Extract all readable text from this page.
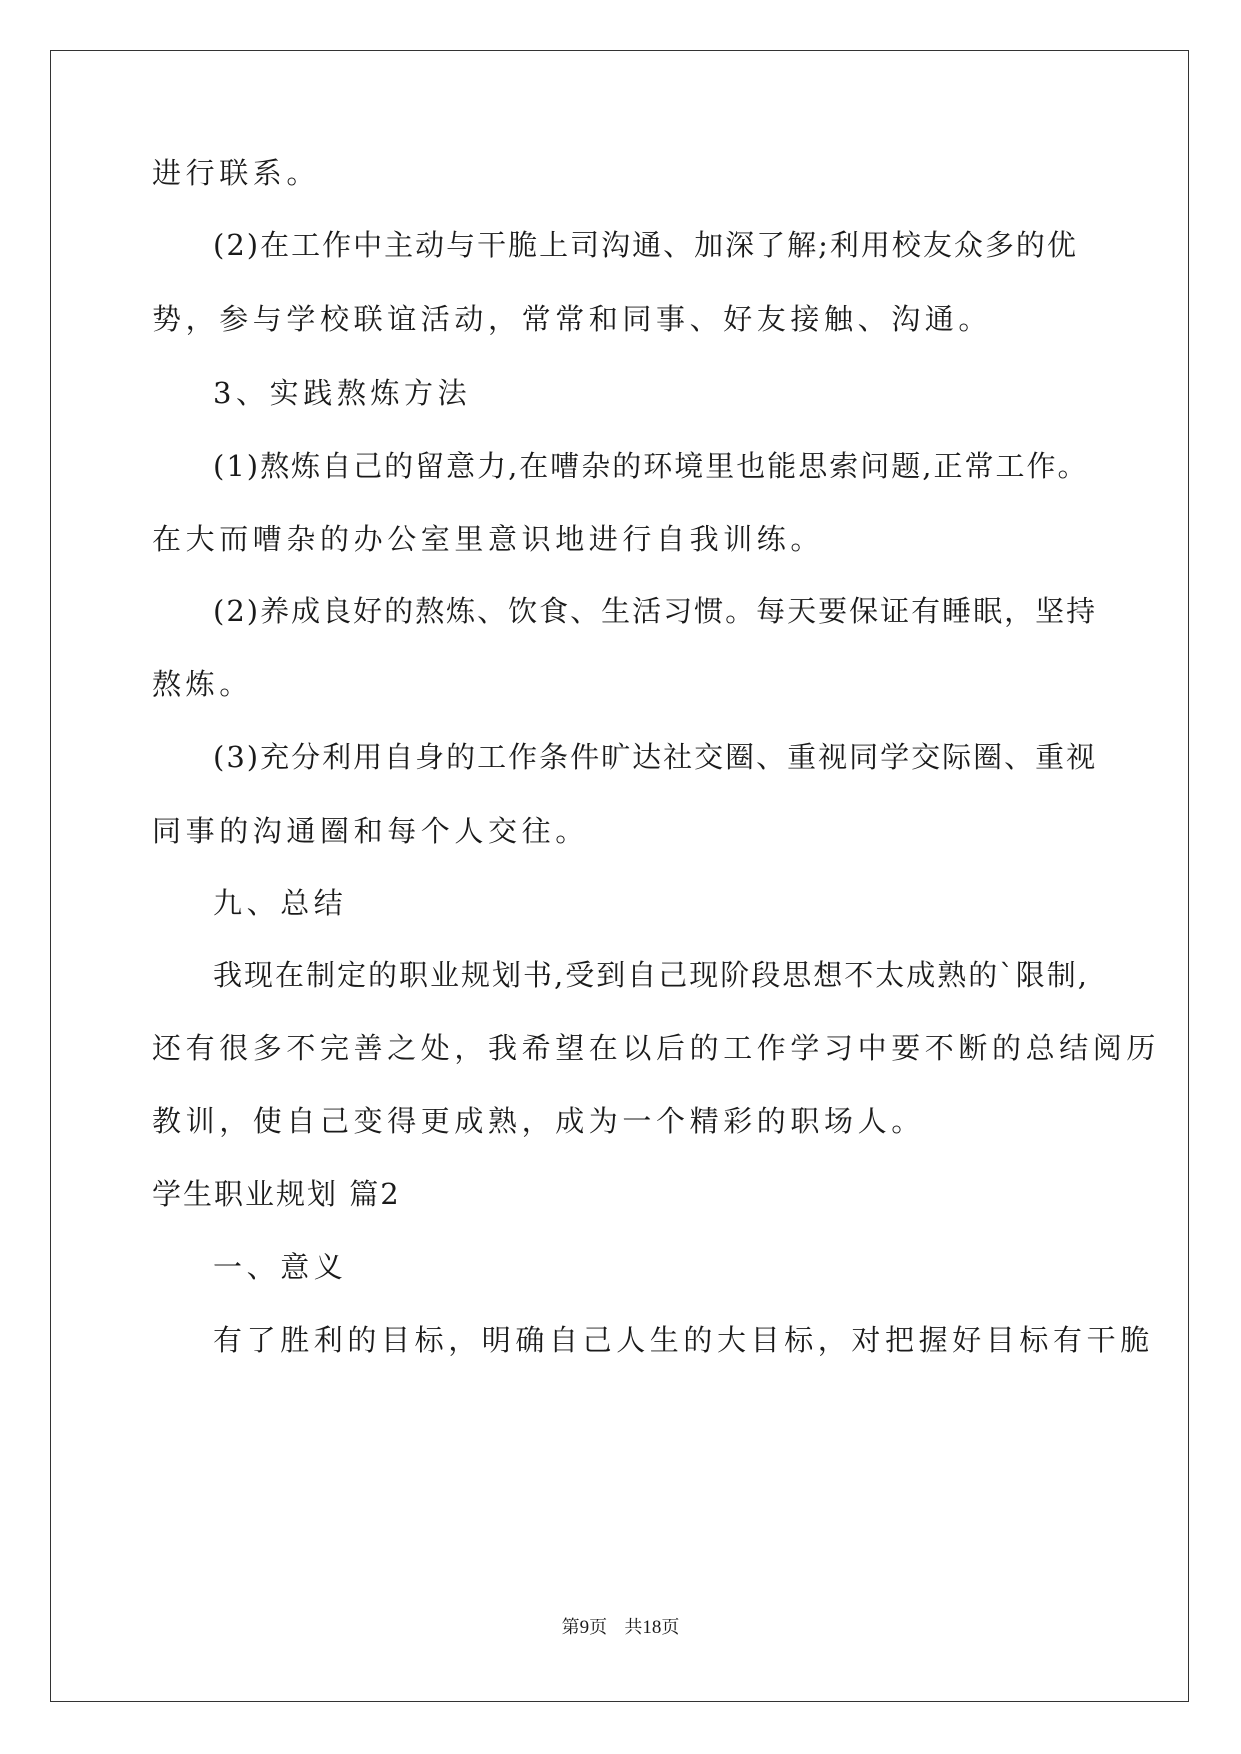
进行联系。
(2)在工作中主动与干脆上司沟通、加深了解;利用校友众多的优
势，参与学校联谊活动，常常和同事、好友接触、沟通。
3、实践熬炼方法
(1)熬炼自己的留意力,在嘈杂的环境里也能思索问题,正常工作。
在大而嘈杂的办公室里意识地进行自我训练。
(2)养成良好的熬炼、饮食、生活习惯。每天要保证有睡眠，坚持
熬炼。
(3)充分利用自身的工作条件旷达社交圈、重视同学交际圈、重视
同事的沟通圈和每个人交往。
九、总结
我现在制定的职业规划书,受到自己现阶段思想不太成熟的`限制,
还有很多不完善之处，我希望在以后的工作学习中要不断的总结阅历
教训，使自己变得更成熟，成为一个精彩的职场人。
学生职业规划 篇2
一、意义
有了胜利的目标，明确自己人生的大目标，对把握好目标有干脆
第9页 共18页
